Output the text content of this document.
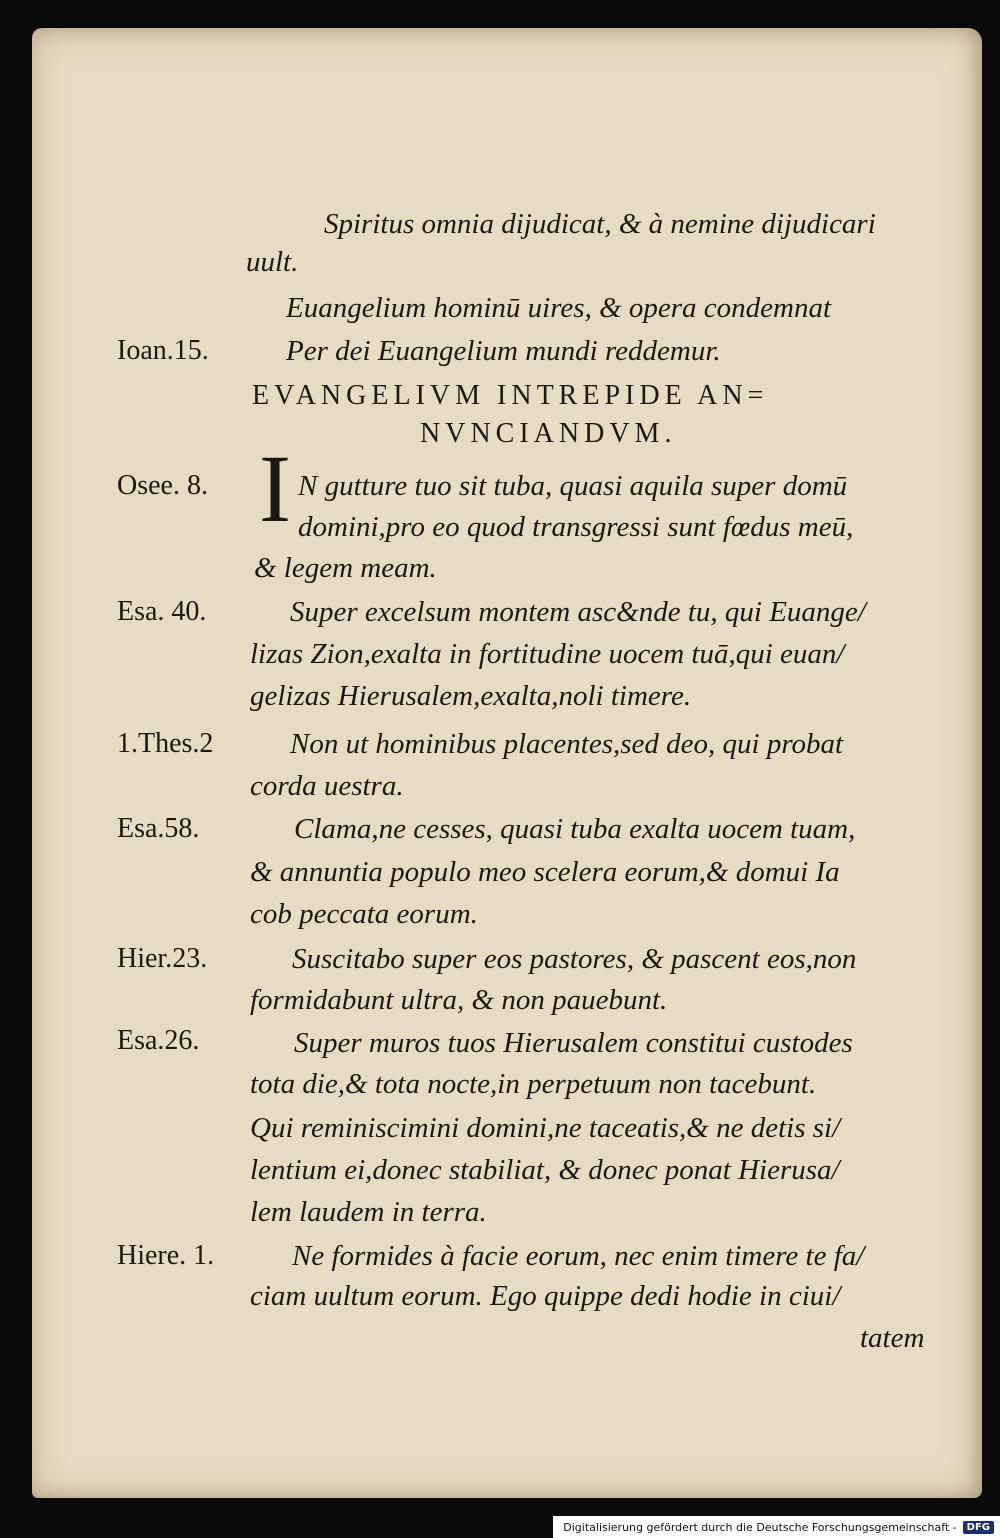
Spiritus omnia dijudicat, & à nemine dijudicari
uult.
Euangelium hominū uires, & opera condemnat
Ioan.15.	Per dei Euangelium mundi reddemur.
EVANGELIVM INTREPIDE AN=
NVNCIANDVM.
Osee. 8. I N gutture tuo sit tuba, quasi aquila super domū
domini,pro eo quod transgressi sunt fœdus meū,
& legem meam.
Esa. 40.	Super excelsum montem asc&nde tu, qui Euange/
lizas Zion,exalta in fortitudine uocem tuā,qui euan/
gelizas Hierusalem,exalta,noli timere.
1.Thes.2	Non ut hominibus placentes,sed deo, qui probat
corda uestra.
Esa.58.	Clama,ne cesses, quasi tuba exalta uocem tuam,
& annuntia populo meo scelera eorum,& domui Ia
cob peccata eorum.
Hier.23.	Suscitabo super eos pastores, & pascent eos,non
formidabunt ultra, & non pauebunt.
Esa.26.	Super muros tuos Hierusalem constitui custodes
tota die,& tota nocte,in perpetuum non tacebunt.
Qui reminiscimini domini,ne taceatis,& ne detis si/
lentium ei,donec stabiliat, & donec ponat Hierusa/
lem laudem in terra.
Hiere. 1.	Ne formides à facie eorum, nec enim timere te fa/
ciam uultum eorum. Ego quippe dedi hodie in ciui/
tatem
Digitalisierung gefördert durch die Deutsche Forschungsgemeinschaft -	DFG
